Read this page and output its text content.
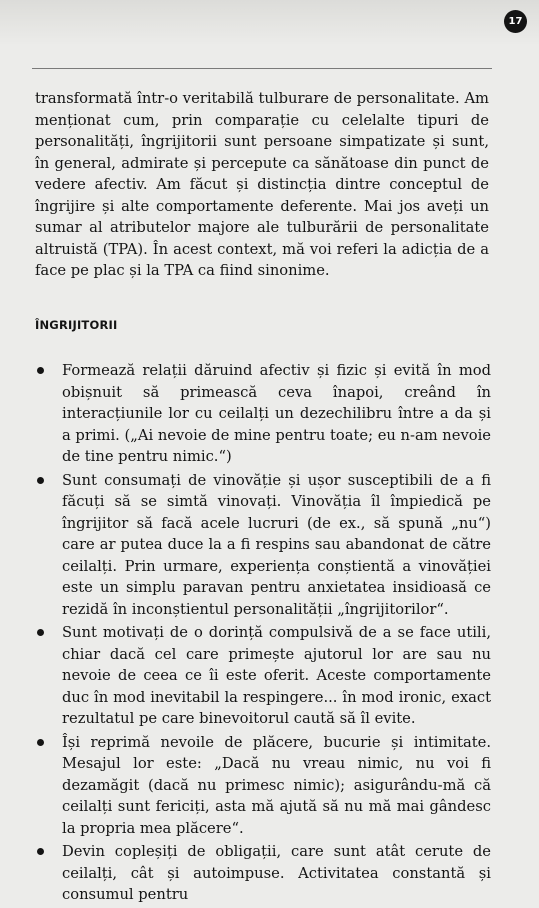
17

transformată într-o veritabilă tulburare de personalitate. Am menționat cum, prin comparație cu celelalte tipuri de personalități, îngrijitorii sunt persoane simpatizate și sunt, în general, admirate și percepute ca sănătoase din punct de vedere afectiv. Am făcut și distincția dintre conceptul de îngrijire și alte comportamente deferente. Mai jos aveți un sumar al atributelor majore ale tulburării de personalitate altruistă (TPA). În acest context, mă voi referi la adicția de a face pe plac și la TPA ca fiind sinonime.

ÎNGRIJITORII
Formează relații dăruind afectiv și fizic și evită în mod obișnuit să primească ceva înapoi, creând în interacțiunile lor cu ceilalți un dezechilibru între a da și a primi. („Ai nevoie de mine pentru toate; eu n-am nevoie de tine pentru nimic.“)
Sunt consumați de vinovăție și ușor susceptibili de a fi făcuți să se simtă vinovați. Vinovăția îl împiedică pe îngrijitor să facă acele lucruri (de ex., să spună „nu“) care ar putea duce la a fi respins sau abandonat de către ceilalți. Prin urmare, experiența conștientă a vinovăției este un simplu paravan pentru anxietatea insidioasă ce rezidă în inconștientul personalității „îngrijitorilor“.
Sunt motivați de o dorință compulsivă de a se face utili, chiar dacă cel care primește ajutorul lor are sau nu nevoie de ceea ce îi este oferit. Aceste comportamente duc în mod inevitabil la respingere... în mod ironic, exact rezultatul pe care binevoitorul caută să îl evite.
Își reprimă nevoile de plăcere, bucurie și intimitate. Mesajul lor este: „Dacă nu vreau nimic, nu voi fi dezamăgit (dacă nu primesc nimic); asigurându-mă că ceilalți sunt fericiți, asta mă ajută să nu mă mai gândesc la propria mea plăcere“.
Devin copleșiți de obligații, care sunt atât cerute de ceilalți, cât și autoimpuse. Activitatea constantă și consumul pentru
